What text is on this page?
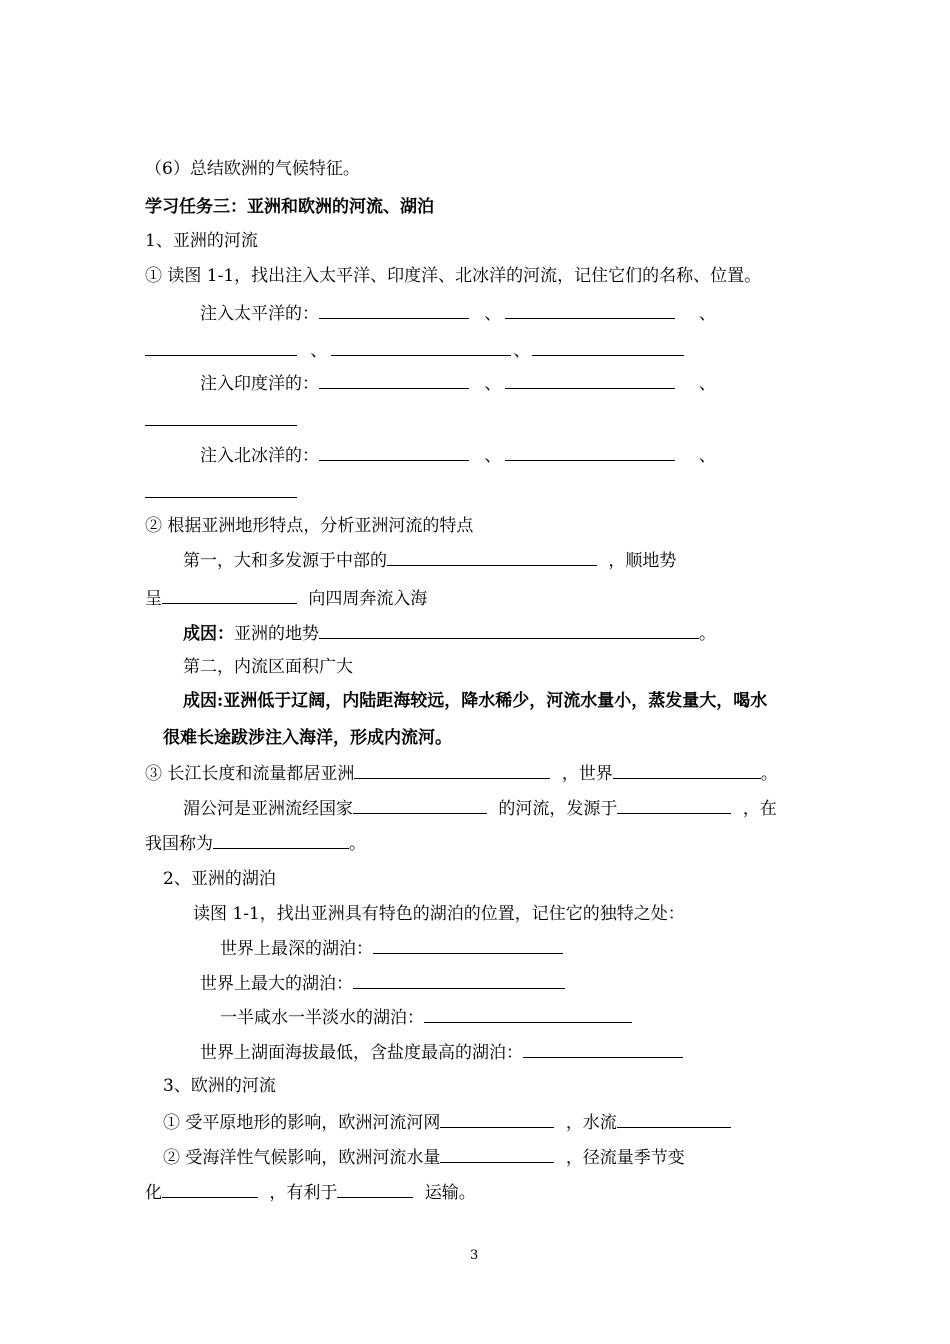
（6）总结欧洲的气候特征。
学习任务三：亚洲和欧洲的河流、湖泊
1、亚洲的河流
① 读图 1-1，找出注入太平洋、印度洋、北冰洋的河流，记住它们的名称、位置。
注入太平洋的：	、	、
、	、
注入印度洋的：	、	、
注入北冰洋的：	、	、
② 根据亚洲地形特点，分析亚洲河流的特点
第一，大和多发源于中部的	，顺地势
呈	向四周奔流入海
成因：亚洲的地势	。
第二，内流区面积广大
成因:亚洲低于辽阔，内陆距海较远，降水稀少，河流水量小，蒸发量大，喝水
很难长途跋涉注入海洋，形成内流河。
③ 长江长度和流量都居亚洲	，世界	。
湄公河是亚洲流经国家	的河流，发源于	，在
我国称为	。
2、亚洲的湖泊
读图 1-1，找出亚洲具有特色的湖泊的位置，记住它的独特之处：
世界上最深的湖泊：
世界上最大的湖泊：
一半咸水一半淡水的湖泊：
世界上湖面海拔最低，含盐度最高的湖泊：
3、欧洲的河流
① 受平原地形的影响，欧洲河流河网	，水流
② 受海洋性气候影响，欧洲河流水量	，径流量季节变
化	，有利于	运输。
3
